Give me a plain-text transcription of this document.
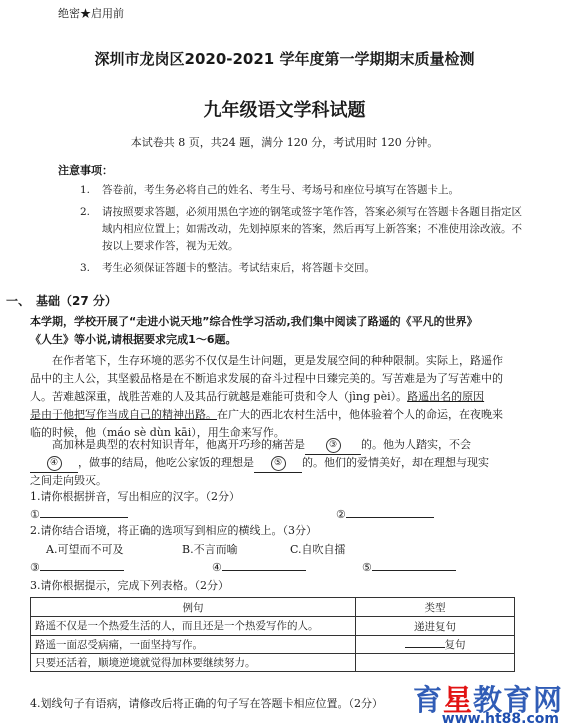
绝密★启用前
深圳市龙岗区2020-2021 学年度第一学期期末质量检测
九年级语文学科试题
本试卷共 8 页，共24 题，满分 120 分，考试用时 120 分钟。
注意事项：
1. 答卷前，考生务必将自己的姓名、考生号、考场号和座位号填写在答题卡上。
2. 请按照要求答题，必须用黑色字迹的钢笔或签字笔作答，答案必须写在答题卡各题目指定区域内相应位置上；如需改动，先划掉原来的答案，然后再写上新答案；不准使用涂改液。不按以上要求作答，视为无效。
3. 考生必须保证答题卡的整洁。考试结束后，将答题卡交回。
一、　基础（27 分）
本学期，学校开展了“走进小说天地”综合性学习活动,我们集中阅读了路遥的《平凡的世界》
《人生》等小说,请根据要求完成1～6题。
在作者笔下，生存环境的恶劣不仅仅是生计问题，更是发展空间的种种限制。实际上，路遥作
品中的主人公，其坚毅品格是在不断追求发展的奋斗过程中日臻完美的。写苦难是为了写苦难中的
人。苦难越深重，战胜苦难的人及其品行就越是难能可贵和令人（jìng pèi）。路遥出名的原因
是由于他把写作当成自己的精神出路。在广大的西北农村生活中，他体验着个人的命运，在夜晚来
临的时候，他（máo sè dùn kāi），用生命来写作。
高加林是典型的农村知识青年，他离开巧珍的痛苦是	③ 的。他为人踏实，不会
④ ，做事的结局，他吃公家饭的理想是 ⑤ 的。他们的爱情美好，却在理想与现实
之间走向毁灭。
1.请你根据拼音，写出相应的汉字。（2分）
①	②
2.请你结合语境，将正确的选项写到相应的横线上。（3分）
A.可望而不可及	B.不言而喻	C.自吹自擂
③	④	⑤
3.请你根据提示，完成下列表格。（2分）
例句	类型
路遥不仅是一个热爱生活的人，而且还是一个热爱写作的人。	递进复句
路遥一面忍受病痛，一面坚持写作。	复句
只要还活着，顺境逆境就觉得加林要继续努力。	
4.划线句子有语病，请修改后将正确的句子写在答题卡相应位置。（2分） 育星教育网
www.ht88.com
